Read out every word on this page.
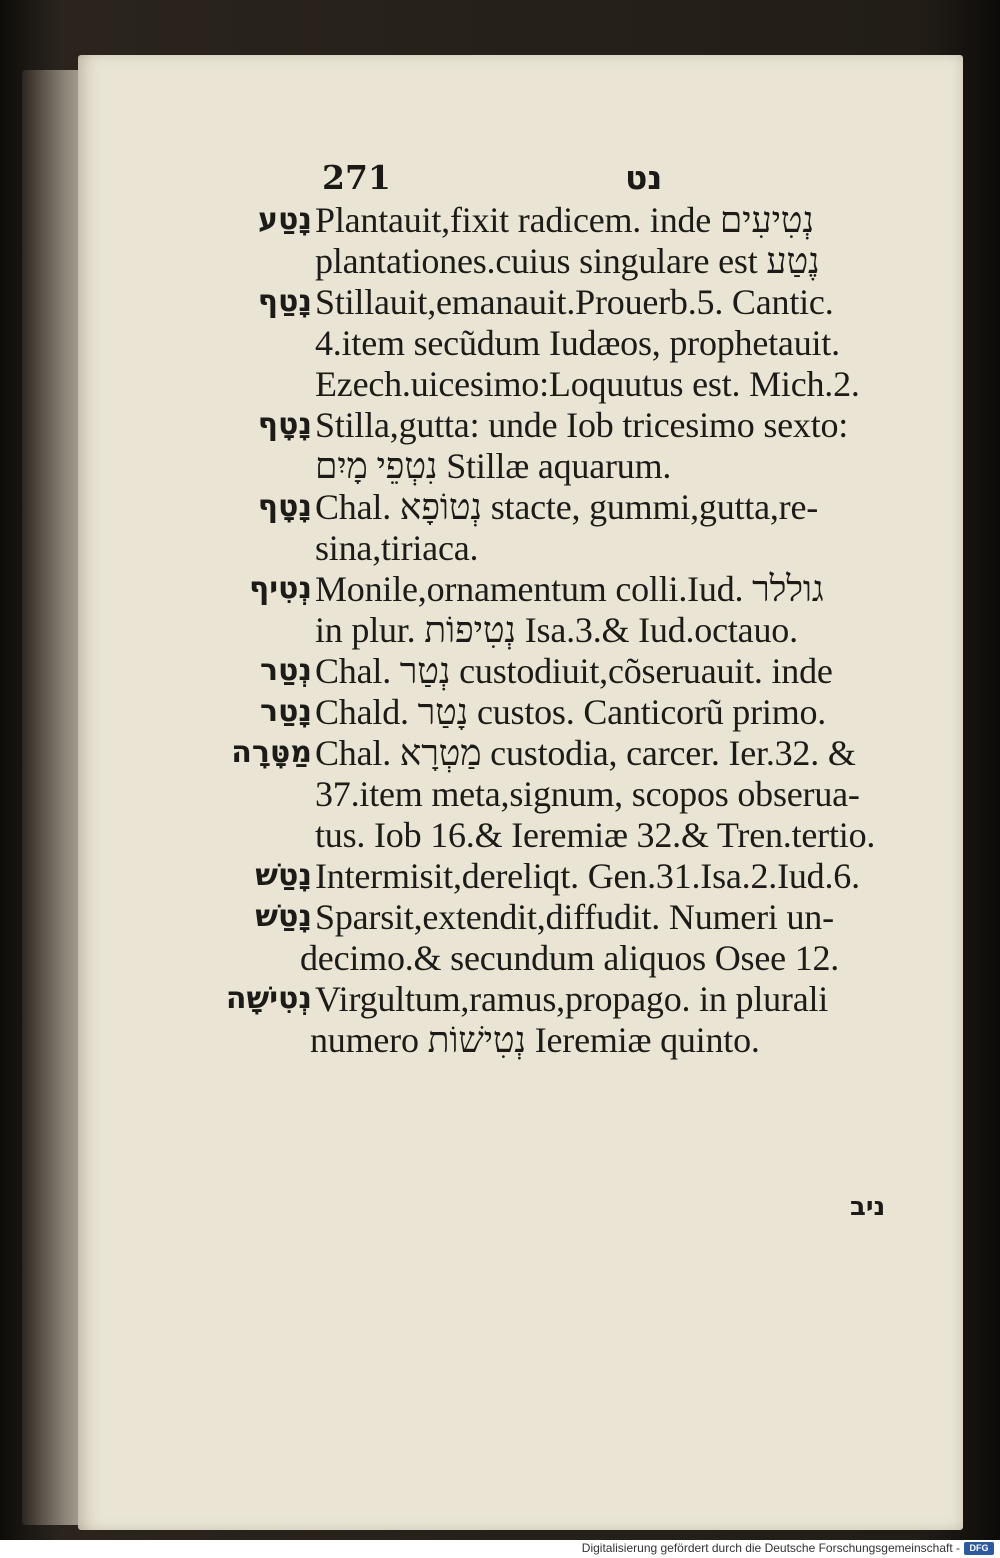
271	נט
נָטַע Plantauit,fixit radicem. inde נְטִיעִים
plantationes.cuius singulare est נֶטַע
נָטַף Stillauit,emanauit.Prouerb.5. Cantic.
4.item secũdum Iudæos, prophetauit.
Ezech.uicesimo:Loquutus est. Mich.2.
נָטָף Stilla,gutta: unde Iob tricesimo sexto:
נִטְפֵי מָיִם Stillæ aquarum.
נָטָף Chal. נְטוֹפָא stacte, gummi,gutta,re-
sina,tiriaca.
נְטִיף Monile,ornamentum colli.Iud. גוללר
in plur. נְטִיפוֹת Isa.3.& Iud.octauo.
נְטַר Chal. נְטַר custodiuit,cõseruauit. inde
נָטַר Chald. נָטַר custos. Canticorũ primo.
מַטָּרָה Chal. מַטְרָא custodia, carcer. Ier.32. &
37.item meta,signum, scopos obserua-
tus. Iob 16.& Ieremiæ 32.& Tren.tertio.
נָטַשׁ Intermisit,dereliqt. Gen.31.Isa.2.Iud.6.
נָטַשׁ Sparsit,extendit,diffudit. Numeri un-
decimo.& secundum aliquos Osee 12.
נְטִישָׁה Virgultum,ramus,propago. in plurali
numero נְטִישׁוֹת Ieremiæ quinto.
ניב
Digitalisierung gefördert durch die Deutsche Forschungsgemeinschaft -	DFG
